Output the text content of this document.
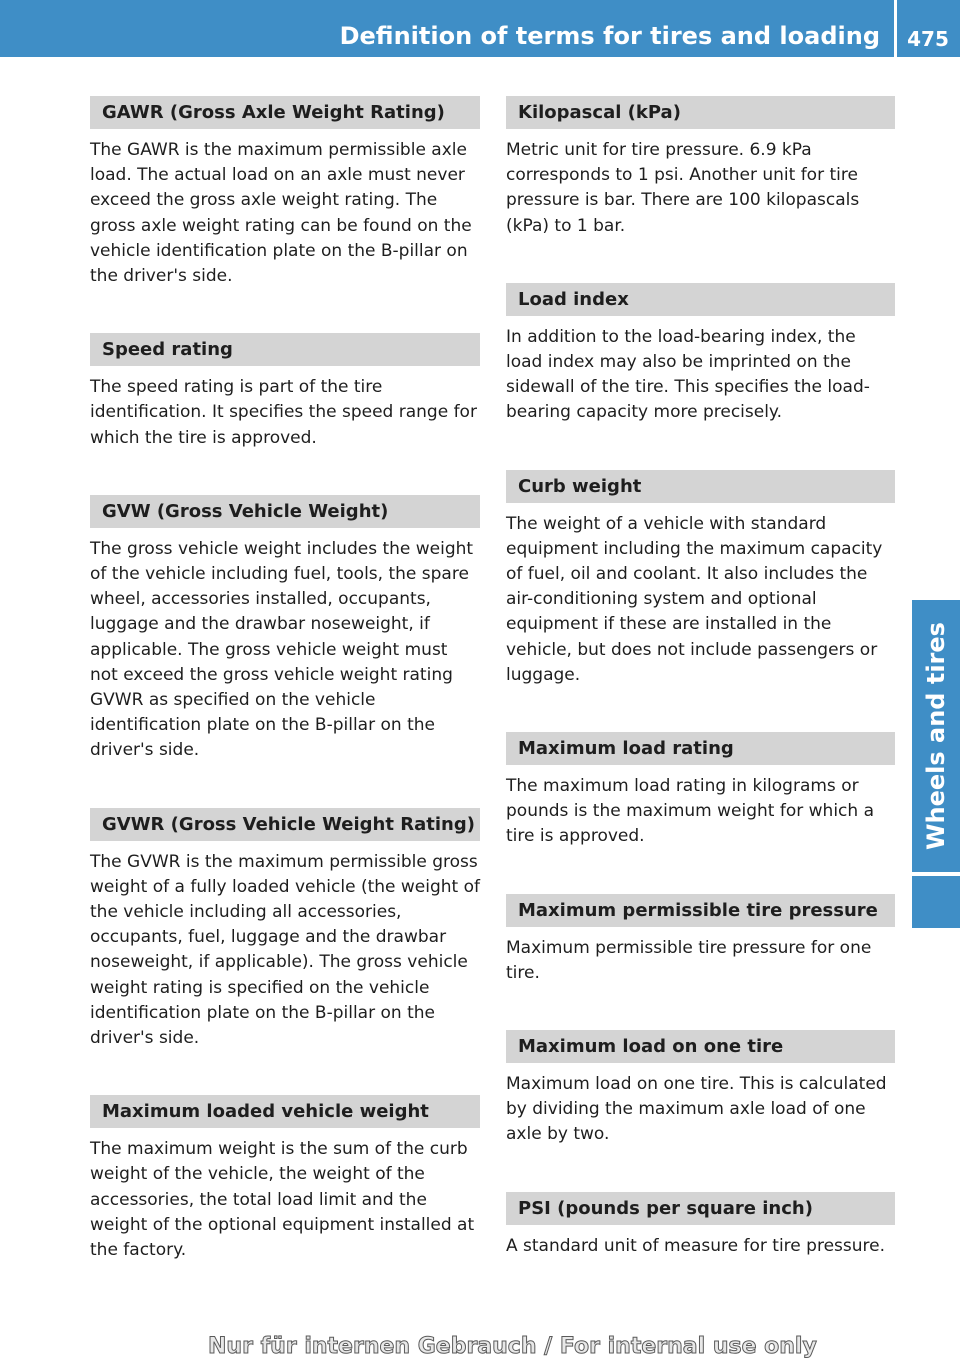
Definition of terms for tires and loading	475
Wheels and tires
GAWR (Gross Axle Weight Rating)

The GAWR is the maximum permissible axle load. The actual load on an axle must never exceed the gross axle weight rating. The gross axle weight rating can be found on the vehicle identification plate on the B-pillar on the driver's side.

Speed rating

The speed rating is part of the tire identification. It specifies the speed range for which the tire is approved.

GVW (Gross Vehicle Weight)

The gross vehicle weight includes the weight of the vehicle including fuel, tools, the spare wheel, accessories installed, occupants, luggage and the drawbar noseweight, if applicable. The gross vehicle weight must not exceed the gross vehicle weight rating GVWR as specified on the vehicle identification plate on the B-pillar on the driver's side.

GVWR (Gross Vehicle Weight Rating)

The GVWR is the maximum permissible gross weight of a fully loaded vehicle (the weight of the vehicle including all accessories, occupants, fuel, luggage and the drawbar noseweight, if applicable). The gross vehicle weight rating is specified on the vehicle identification plate on the B-pillar on the driver's side.

Maximum loaded vehicle weight

The maximum weight is the sum of the curb weight of the vehicle, the weight of the accessories, the total load limit and the weight of the optional equipment installed at the factory.

Kilopascal (kPa)

Metric unit for tire pressure. 6.9 kPa corresponds to 1 psi. Another unit for tire pressure is bar. There are 100 kilopascals (kPa) to 1 bar.

Load index

In addition to the load-bearing index, the load index may also be imprinted on the sidewall of the tire. This specifies the load-bearing capacity more precisely.

Curb weight

The weight of a vehicle with standard equipment including the maximum capacity of fuel, oil and coolant. It also includes the air-conditioning system and optional equipment if these are installed in the vehicle, but does not include passengers or luggage.

Maximum load rating

The maximum load rating in kilograms or pounds is the maximum weight for which a tire is approved.

Maximum permissible tire pressure

Maximum permissible tire pressure for one tire.

Maximum load on one tire

Maximum load on one tire. This is calculated by dividing the maximum axle load of one axle by two.

PSI (pounds per square inch)

A standard unit of measure for tire pressure.

Nur für internen Gebrauch / For internal use only
